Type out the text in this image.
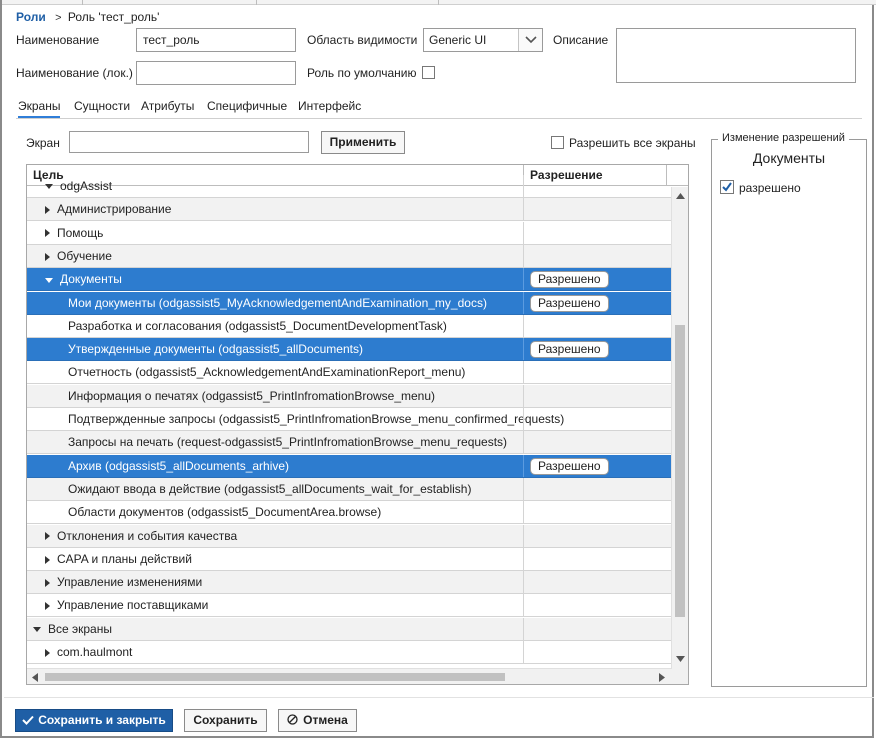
Роли > Роль 'тест_роль'
Наименование	тест_роль	Область видимости Generic UI	Описание
Наименование (лок.)	Роль по умолчанию
Экраны Сущности Атрибуты Специфичные Интерфейс
Экран	Применить	Разрешить все экраны
Цель	Разрешение
odgAssist
Администрирование
Помощь
Обучение
Документы	Разрешено
Мои документы (odgassist5_MyAcknowledgementAndExamination_my_docs)	Разрешено
Разработка и согласования (odgassist5_DocumentDevelopmentTask)
Утвержденные документы (odgassist5_allDocuments)	Разрешено
Отчетность (odgassist5_AcknowledgementAndExaminationReport_menu)
Информация о печатях (odgassist5_PrintInfromationBrowse_menu)
Подтвержденные запросы (odgassist5_PrintInfromationBrowse_menu_confirmed_requests)
Запросы на печать (request-odgassist5_PrintInfromationBrowse_menu_requests)
Архив (odgassist5_allDocuments_arhive)	Разрешено
Ожидают ввода в действие (odgassist5_allDocuments_wait_for_establish)
Области документов (odgassist5_DocumentArea.browse)
Отклонения и события качества
CAPA и планы действий
Управление изменениями
Управление поставщиками
Все экраны
com.haulmont
Изменение разрешений
Документы
разрешено
Сохранить и закрыть	Сохранить	Отмена
